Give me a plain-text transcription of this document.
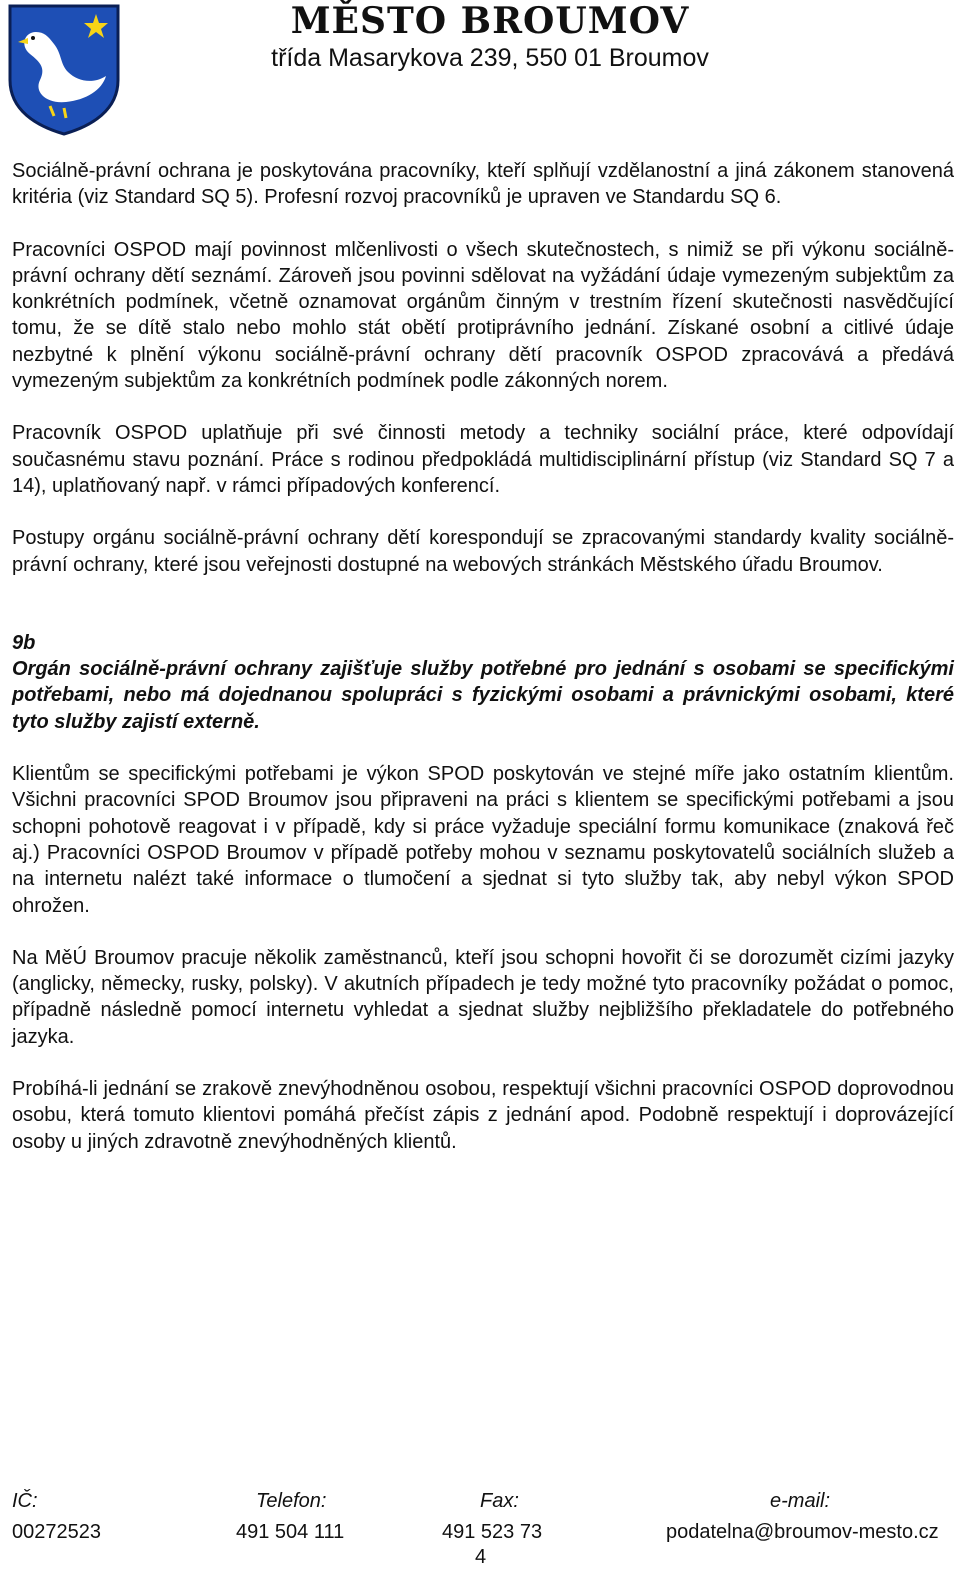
MĚSTO BROUMOV
třída Masarykova 239, 550 01 Broumov

Sociálně-právní ochrana je poskytována pracovníky, kteří splňují vzdělanostní a jiná zákonem stanovená kritéria (viz Standard SQ 5). Profesní rozvoj pracovníků je upraven ve Standardu SQ 6.

Pracovníci OSPOD mají povinnost mlčenlivosti o všech skutečnostech, s nimiž se při výkonu sociálně-právní ochrany dětí seznámí. Zároveň jsou povinni sdělovat na vyžádání údaje vymezeným subjektům za konkrétních podmínek, včetně oznamovat orgánům činným v trestním řízení skutečnosti nasvědčující tomu, že se dítě stalo nebo mohlo stát obětí protiprávního jednání. Získané osobní a citlivé údaje nezbytné k plnění výkonu sociálně-právní ochrany dětí pracovník OSPOD zpracovává a předává vymezeným subjektům za konkrétních podmínek podle zákonných norem.

Pracovník OSPOD uplatňuje při své činnosti metody a techniky sociální práce, které odpovídají současnému stavu poznání. Práce s rodinou předpokládá multidisciplinární přístup (viz Standard SQ 7 a 14), uplatňovaný např. v rámci případových konferencí.

Postupy orgánu sociálně-právní ochrany dětí korespondují se zpracovanými standardy kvality sociálně-právní ochrany, které jsou veřejnosti dostupné na webových stránkách Městského úřadu Broumov.

9b

Orgán sociálně-právní ochrany zajišťuje služby potřebné pro jednání s osobami se specifickými potřebami, nebo má dojednanou spolupráci s fyzickými osobami a právnickými osobami, které tyto služby zajistí externě.

Klientům se specifickými potřebami je výkon SPOD poskytován ve stejné míře jako ostatním klientům. Všichni pracovníci SPOD Broumov jsou připraveni na práci s klientem se specifickými potřebami a jsou schopni pohotově reagovat i v případě, kdy si práce vyžaduje speciální formu komunikace (znaková řeč aj.) Pracovníci OSPOD Broumov v případě potřeby mohou v seznamu poskytovatelů sociálních služeb a na internetu nalézt také informace o tlumočení a sjednat si tyto služby tak, aby nebyl výkon SPOD ohrožen.

Na MěÚ Broumov pracuje několik zaměstnanců, kteří jsou schopni hovořit či se dorozumět cizími jazyky (anglicky, německy, rusky, polsky). V akutních případech je tedy možné tyto pracovníky požádat o pomoc, případně následně pomocí internetu vyhledat a sjednat služby nejbližšího překladatele do potřebného jazyka.

Probíhá-li jednání se zrakově znevýhodněnou osobou, respektují všichni pracovníci OSPOD doprovodnou osobu, která tomuto klientovi pomáhá přečíst zápis z jednání apod. Podobně respektují i doprovázející osoby u jiných zdravotně znevýhodněných klientů.

IČ:
00272523
Telefon:
491 504 111
Fax:
491 523 73
e-mail:
podatelna@broumov-mesto.cz
4
